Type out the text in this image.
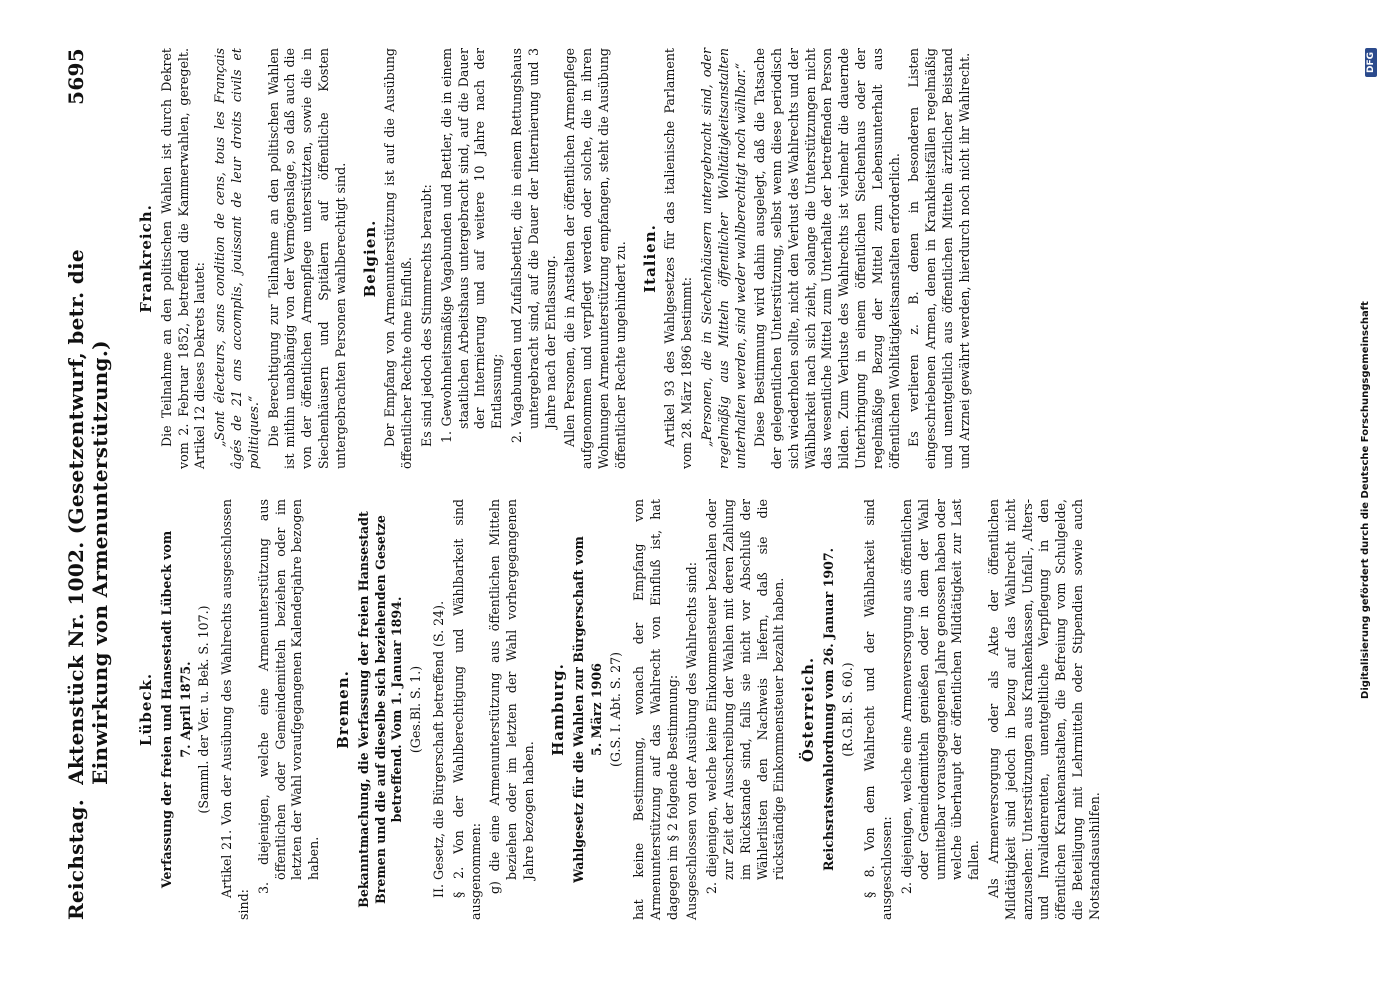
Reichstag.
Aktenstück Nr. 1002. (Gesetzentwurf, betr. die Einwirkung von Armenunterstützung.)
5695
Lübeck. Verfassung der freien und Hansestadt Lübeck vom 7. April 1875. (Samml. der Ver. u. Bek. S. 107.) Artikel 21. Von der Ausübung des Wahlrechts ausgeschlossen sind:

3. diejenigen, welche eine Armenunterstützung aus öffentlichen oder Gemeindemitteln beziehen oder im letzten der Wahl voraufgegangenen Kalenderjahre bezogen haben.

Bremen. Bekanntmachung, die Verfassung der freien Hansestadt Bremen und die auf dieselbe sich beziehenden Gesetze betreffend. Vom 1. Januar 1894. (Ges.Bl. S. 1.) II. Gesetz, die Bürgerschaft betreffend (S. 24). § 2. Von der Wahlberechtigung und Wählbarkeit sind ausgenommen: g) die eine Armenunterstützung aus öffentlichen Mitteln beziehen oder im letzten der Wahl vorhergegangenen Jahre bezogen haben.

Hamburg. Wahlgesetz für die Wahlen zur Bürgerschaft vom 5. März 1906 (G.S. I. Abt. S. 27) hat keine Bestimmung, wonach der Empfang von Armenunterstützung auf das Wahlrecht von Einfluß ist, hat dagegen im § 2 folgende Bestimmung: Ausgeschlossen von der Ausübung des Wahlrechts sind: 2. diejenigen, welche keine Einkommensteuer bezahlen oder zur Zeit der Ausschreibung der Wahlen mit deren Zahlung im Rückstande sind, falls sie nicht vor Abschluß der Wählerlisten den Nachweis liefern, daß sie die rückständige Einkommensteuer bezahlt haben. Österreich. Reichsratswahlordnung vom 26. Januar 1907. (R.G.Bl. S. 60.) § 8. Von dem Wahlrecht und der Wählbarkeit sind ausgeschlossen: 2. diejenigen, welche eine Armenversorgung aus öffentlichen oder Gemeindemitteln genießen oder in dem der Wahl unmittelbar vorausgegangenen Jahre genossen haben oder welche überhaupt der öffentlichen Mildtätigkeit zur Last fallen. Als Armenversorgung oder als Akte der öffentlichen Mildtätigkeit sind jedoch in bezug auf das Wahlrecht nicht anzusehen: Unterstützungen aus Krankenkassen, Unfall-, Alters- und Invalidenrenten, unentgeltliche Verpflegung in den öffentlichen Krankenanstalten, die Befreiung vom Schulgelde, die Beteiligung mit Lehrmitteln oder Stipendien sowie auch Notstandsaushilfen.

Frankreich. Die Teilnahme an den politischen Wahlen ist durch Dekret vom 2. Februar 1852, betreffend die Kammerwahlen, geregelt. Artikel 12 dieses Dekrets lautet: „Sont électeurs, sans condition de cens, tous les Français âgés de 21 ans accomplis, jouissant de leur droits civils et politiques.“ Die Berechtigung zur Teilnahme an den politischen Wahlen ist mithin unabhängig von der Vermögenslage, so daß auch die von der öffentlichen Armenpflege unterstützten, sowie die in Siechenhäusern und Spitälern auf öffentliche Kosten untergebrachten Personen wahlberechtigt sind. Belgien. Der Empfang von Armenunterstützung ist auf die Ausübung öffentlicher Rechte ohne Einfluß. Es sind jedoch des Stimmrechts beraubt: 1. Gewohnheitsmäßige Vagabunden und Bettler, die in einem staatlichen Arbeitshaus untergebracht sind, auf die Dauer der Internierung und auf weitere 10 Jahre nach der Entlassung; 2. Vagabunden und Zufallsbettler, die in einem Rettungshaus untergebracht sind, auf die Dauer der Internierung und 3 Jahre nach der Entlassung. Allen Personen, die in Anstalten der öffentlichen Armenpflege aufgenommen und verpflegt werden oder solche, die in ihren Wohnungen Armenunterstützung empfangen, steht die Ausübung öffentlicher Rechte ungehindert zu. Italien. Artikel 93 des Wahlgesetzes für das italienische Parlament vom 28. März 1896 bestimmt: „Personen, die in Siechenhäusern untergebracht sind, oder regelmäßig aus Mitteln öffentlicher Wohltätigkeitsanstalten unterhalten werden, sind weder wahlberechtigt noch wählbar.“ Diese Bestimmung wird dahin ausgelegt, daß die Tatsache der gelegentlichen Unterstützung, selbst wenn diese periodisch sich wiederholen sollte, nicht den Verlust des Wahlrechts und der Wählbarkeit nach sich zieht, solange die Unterstützungen nicht das wesentliche Mittel zum Unterhalte der betreffenden Person bilden. Zum Verluste des Wahlrechts ist vielmehr die dauernde Unterbringung in einem öffentlichen Siechenhaus oder der regelmäßige Bezug der Mittel zum Lebensunterhalt aus öffentlichen Wohltätigkeitsanstalten erforderlich. Es verlieren z. B. denen in besonderen Listen eingeschriebenen Armen, denen in Krankheitsfällen regelmäßig und unentgeltlich aus öffentlichen Mitteln ärztlicher Beistand und Arznei gewährt werden, hierdurch noch nicht ihr Wahlrecht.

Digitalisierung gefördert durch die Deutsche Forschungsgemeinschaft
DFG
